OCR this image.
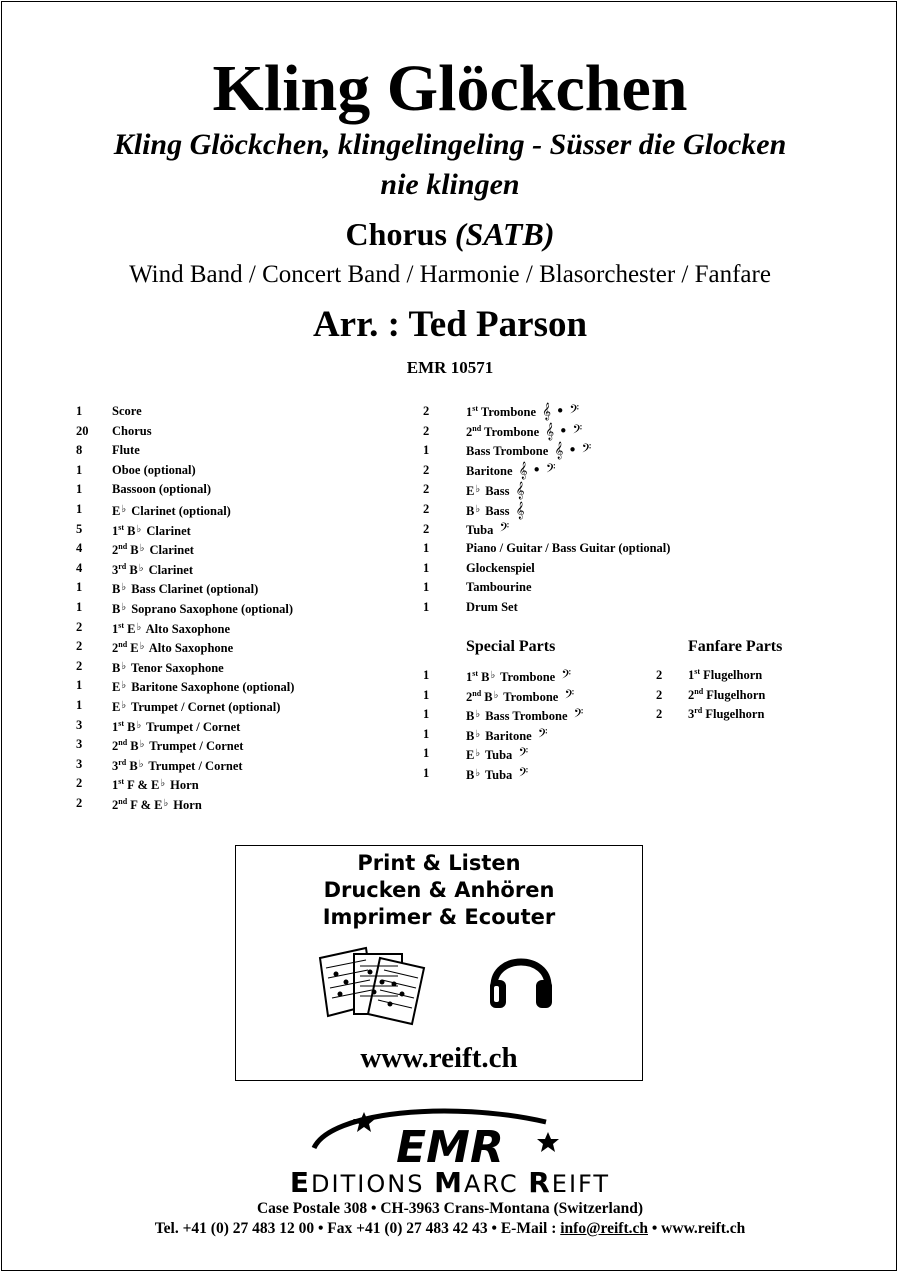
Kling Glöckchen
Kling Glöckchen, klingelingeling - Süsser die Glocken
nie klingen
Chorus (SATB)
Wind Band / Concert Band / Harmonie / Blasorchester / Fanfare
Arr. : Ted Parson
EMR 10571
1 Score
20 Chorus
8 Flute
1 Oboe (optional)
1 Bassoon (optional)
1 E♭ Clarinet (optional)
5 1st B♭ Clarinet
4 2nd B♭ Clarinet
4 3rd B♭ Clarinet
1 B♭ Bass Clarinet (optional)
1 B♭ Soprano Saxophone (optional)
2 1st E♭ Alto Saxophone
2 2nd E♭ Alto Saxophone
2 B♭ Tenor Saxophone
1 E♭ Baritone Saxophone (optional)
1 E♭ Trumpet / Cornet (optional)
3 1st B♭ Trumpet / Cornet
3 2nd B♭ Trumpet / Cornet
3 3rd B♭ Trumpet / Cornet
2 1st F & E♭ Horn
2 2nd F & E♭ Horn
2	1st Trombone 𝄞 • 𝄢
2	2nd Trombone 𝄞 • 𝄢
1	Bass Trombone 𝄞 • 𝄢
2	Baritone 𝄞 • 𝄢
2	E♭ Bass 𝄞
2	B♭ Bass 𝄞
2	Tuba 𝄢
1	Piano / Guitar / Bass Guitar (optional)
1	Glockenspiel
1	Tambourine
1	Drum Set
Special Parts	Fanfare Parts
1	1st B♭ Trombone 𝄢
1	2nd B♭ Trombone 𝄢
1	B♭ Bass Trombone 𝄢
1	B♭ Baritone 𝄢
1	E♭ Tuba 𝄢
1	B♭ Tuba 𝄢
2 1st Flugelhorn
2 2nd Flugelhorn
2 3rd Flugelhorn
Print & Listen
Drucken & Anhören
Imprimer & Ecouter
www.reift.ch
EMR
EDITIONS MARC REIFT
Case Postale 308 • CH-3963 Crans-Montana (Switzerland)
Tel. +41 (0) 27 483 12 00 • Fax +41 (0) 27 483 42 43 • E-Mail : info@reift.ch • www.reift.ch
